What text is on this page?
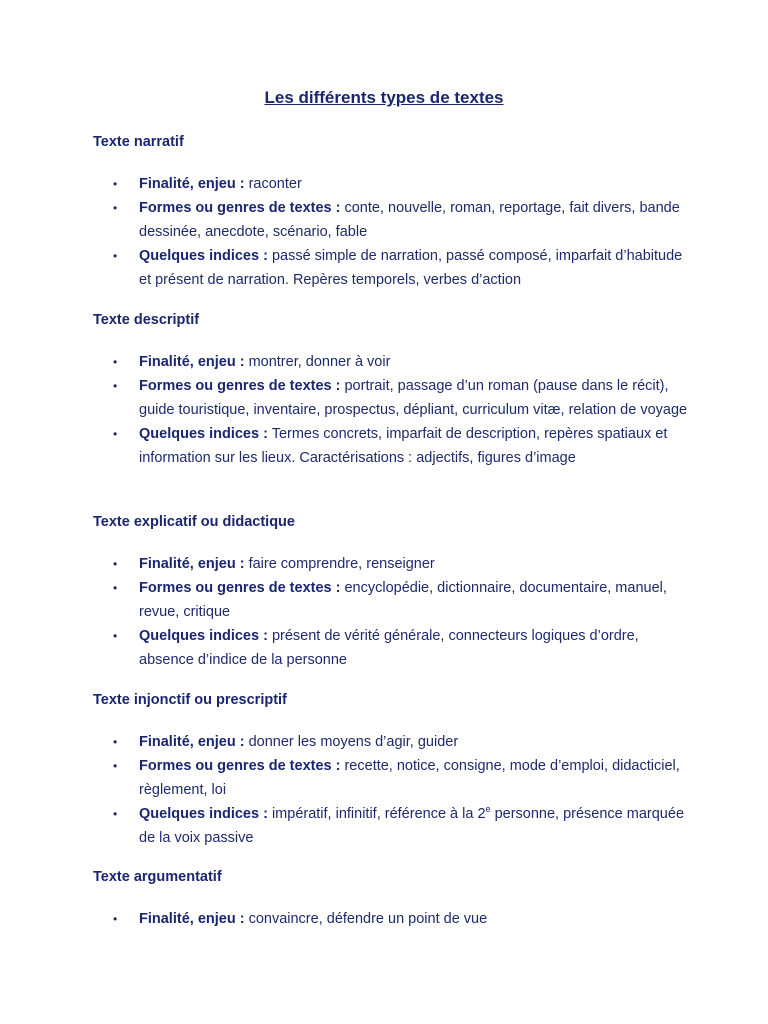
Les différents types de textes
Texte narratif
• Finalité, enjeu : raconter
• Formes ou genres de textes : conte, nouvelle, roman, reportage, fait divers, bande dessinée, anecdote, scénario, fable
• Quelques indices : passé simple de narration, passé composé, imparfait d’habitude et présent de narration. Repères temporels, verbes d’action
Texte descriptif
• Finalité, enjeu : montrer, donner à voir
• Formes ou genres de textes : portrait, passage d’un roman (pause dans le récit), guide touristique, inventaire, prospectus, dépliant, curriculum vitæ, relation de voyage
• Quelques indices : Termes concrets, imparfait de description, repères spatiaux et information sur les lieux. Caractérisations : adjectifs, figures d’image
Texte explicatif ou didactique
• Finalité, enjeu : faire comprendre, renseigner
• Formes ou genres de textes : encyclopédie, dictionnaire, documentaire, manuel, revue, critique
• Quelques indices : présent de vérité générale, connecteurs logiques d’ordre, absence d’indice de la personne
Texte injonctif ou prescriptif
• Finalité, enjeu : donner les moyens d’agir, guider
• Formes ou genres de textes : recette, notice, consigne, mode d’emploi, didacticiel, règlement, loi
• Quelques indices : impératif, infinitif, référence à la 2e personne, présence marquée de la voix passive
Texte argumentatif
• Finalité, enjeu : convaincre, défendre un point de vue
